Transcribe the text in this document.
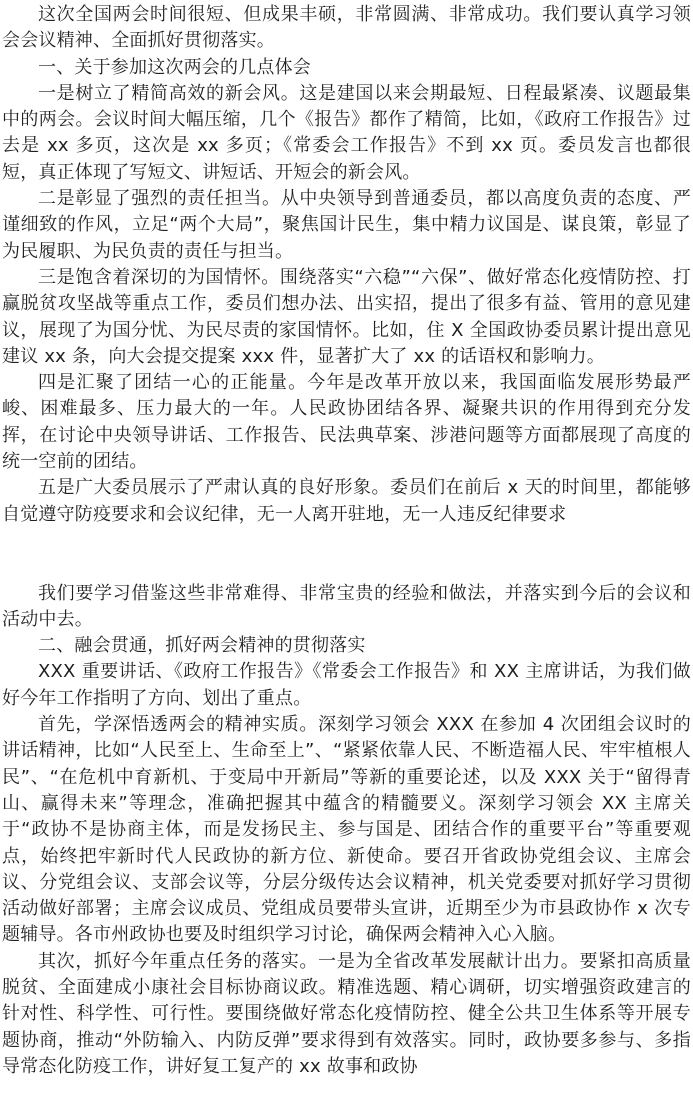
这次全国两会时间很短、但成果丰硕，非常圆满、非常成功。我们要认真学习领会会议精神、全面抓好贯彻落实。

一、关于参加这次两会的几点体会

一是树立了精简高效的新会风。这是建国以来会期最短、日程最紧凑、议题最集中的两会。会议时间大幅压缩，几个《报告》都作了精简，比如，《政府工作报告》过去是 xx 多页，这次是 xx 多页；《常委会工作报告》不到 xx 页。委员发言也都很短，真正体现了写短文、讲短话、开短会的新会风。

二是彰显了强烈的责任担当。从中央领导到普通委员，都以高度负责的态度、严谨细致的作风，立足“两个大局”，聚焦国计民生，集中精力议国是、谋良策，彰显了为民履职、为民负责的责任与担当。

三是饱含着深切的为国情怀。围绕落实“六稳”“六保”、做好常态化疫情防控、打赢脱贫攻坚战等重点工作，委员们想办法、出实招，提出了很多有益、管用的意见建议，展现了为国分忧、为民尽责的家国情怀。比如，住 X 全国政协委员累计提出意见建议 xx 条，向大会提交提案 xxx 件，显著扩大了 xx 的话语权和影响力。

四是汇聚了团结一心的正能量。今年是改革开放以来，我国面临发展形势最严峻、困难最多、压力最大的一年。人民政协团结各界、凝聚共识的作用得到充分发挥，在讨论中央领导讲话、工作报告、民法典草案、涉港问题等方面都展现了高度的统一空前的团结。

五是广大委员展示了严肃认真的良好形象。委员们在前后 x 天的时间里，都能够自觉遵守防疫要求和会议纪律，无一人离开驻地，无一人违反纪律要求

我们要学习借鉴这些非常难得、非常宝贵的经验和做法，并落实到今后的会议和活动中去。

二、融会贯通，抓好两会精神的贯彻落实

XXX 重要讲话、《政府工作报告》《常委会工作报告》和 XX 主席讲话，为我们做好今年工作指明了方向、划出了重点。

首先，学深悟透两会的精神实质。深刻学习领会 XXX 在参加 4 次团组会议时的讲话精神，比如“人民至上、生命至上”、“紧紧依靠人民、不断造福人民、牢牢植根人民”、“在危机中育新机、于变局中开新局”等新的重要论述，以及 XXX 关于“留得青山、赢得未来”等理念，准确把握其中蕴含的精髓要义。深刻学习领会 XX 主席关于“政协不是协商主体，而是发扬民主、参与国是、团结合作的重要平台”等重要观点，始终把牢新时代人民政协的新方位、新使命。要召开省政协党组会议、主席会议、分党组会议、支部会议等，分层分级传达会议精神，机关党委要对抓好学习贯彻活动做好部署；主席会议成员、党组成员要带头宣讲，近期至少为市县政协作 x 次专题辅导。各市州政协也要及时组织学习讨论，确保两会精神入心入脑。

其次，抓好今年重点任务的落实。一是为全省改革发展献计出力。要紧扣高质量脱贫、全面建成小康社会目标协商议政。精准选题、精心调研，切实增强资政建言的针对性、科学性、可行性。要围绕做好常态化疫情防控、健全公共卫生体系等开展专题协商，推动“外防输入、内防反弹”要求得到有效落实。同时，政协要多参与、多指导常态化防疫工作，讲好复工复产的 xx 故事和政协
